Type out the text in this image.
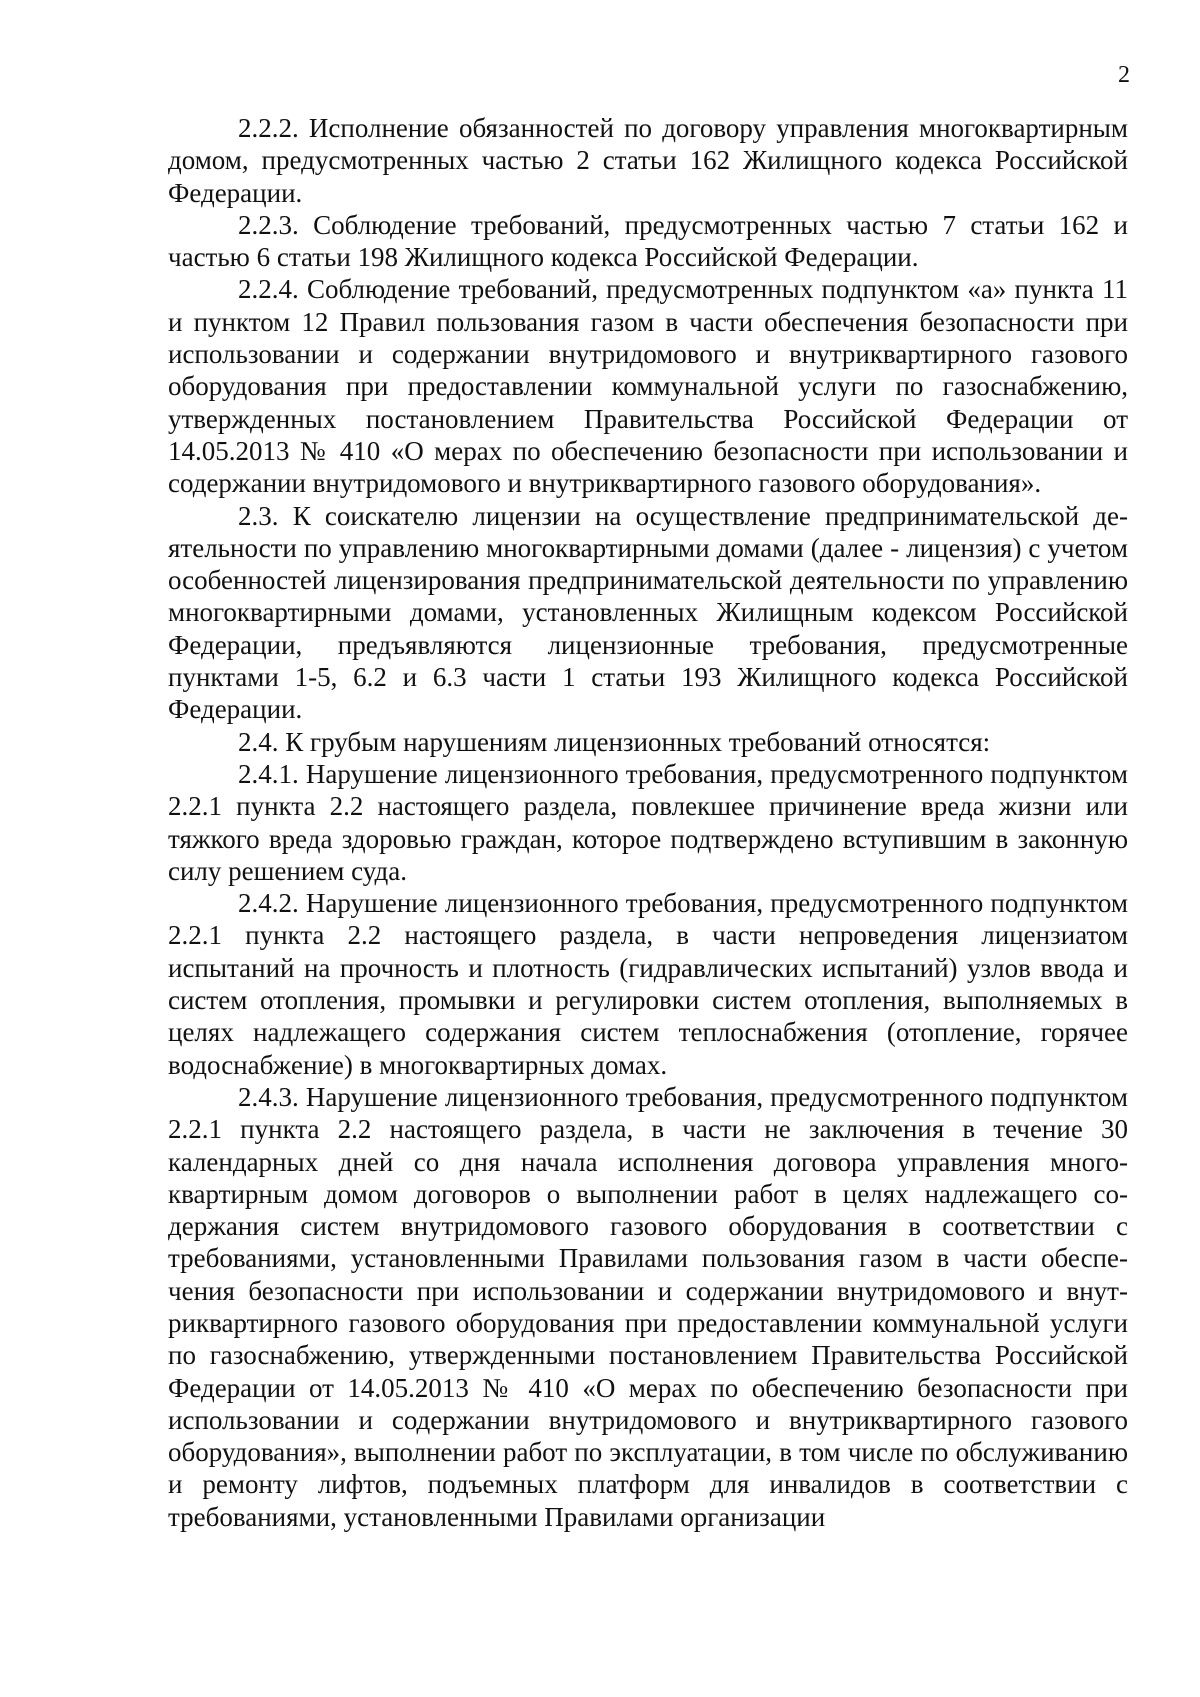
2

2.2.2. Исполнение обязанностей по договору управления многоквартирным домом, предусмотренных частью 2 статьи 162 Жилищного кодекса Российской Федерации.

2.2.3. Соблюдение требований, предусмотренных частью 7 статьи 162 и частью 6 статьи 198 Жилищного кодекса Российской Федерации.

2.2.4. Соблюдение требований, предусмотренных подпунктом «а» пункта 11 и пунктом 12 Правил пользования газом в части обеспечения безопасности при использовании и содержании внутридомового и внутриквартирного газового оборудования при предоставлении коммунальной услуги по газоснабжению, утвержденных постановлением Правительства Российской Федерации от 14.05.2013 № 410 «О мерах по обеспечению безопасности при использовании и содержании внутридомового и внутриквартирного газового оборудования».

2.3. К соискателю лицензии на осуществление предпринимательской деятельности по управлению многоквартирными домами (далее - лицензия) с учетом особенностей лицензирования предпринимательской деятельности по управлению многоквартирными домами, установленных Жилищным кодексом Российской Федерации, предъявляются лицензионные требования, предусмотренные пунктами 1-5, 6.2 и 6.3 части 1 статьи 193 Жилищного кодекса Российской Федерации.

2.4. К грубым нарушениям лицензионных требований относятся:

2.4.1. Нарушение лицензионного требования, предусмотренного подпунктом 2.2.1 пункта 2.2 настоящего раздела, повлекшее причинение вреда жизни или тяжкого вреда здоровью граждан, которое подтверждено вступившим в законную силу решением суда.

2.4.2. Нарушение лицензионного требования, предусмотренного подпунктом 2.2.1 пункта 2.2 настоящего раздела, в части непроведения лицензиатом испытаний на прочность и плотность (гидравлических испытаний) узлов ввода и систем отопления, промывки и регулировки систем отопления, выполняемых в целях надлежащего содержания систем теплоснабжения (отопление, горячее водоснабжение) в многоквартирных домах.

2.4.3. Нарушение лицензионного требования, предусмотренного подпунктом 2.2.1 пункта 2.2 настоящего раздела, в части не заключения в течение 30 календарных дней со дня начала исполнения договора управления многоквартирным домом договоров о выполнении работ в целях надлежащего содержания систем внутридомового газового оборудования в соответствии с требованиями, установленными Правилами пользования газом в части обеспечения безопасности при использовании и содержании внутридомового и внутриквартирного газового оборудования при предоставлении коммунальной услуги по газоснабжению, утвержденными постановлением Правительства Российской Федерации от 14.05.2013 № 410 «О мерах по обеспечению безопасности при использовании и содержании внутридомового и внутриквартирного газового оборудования», выполнении работ по эксплуатации, в том числе по обслуживанию и ремонту лифтов, подъемных платформ для инвалидов в соответствии с требованиями, установленными Правилами организации
